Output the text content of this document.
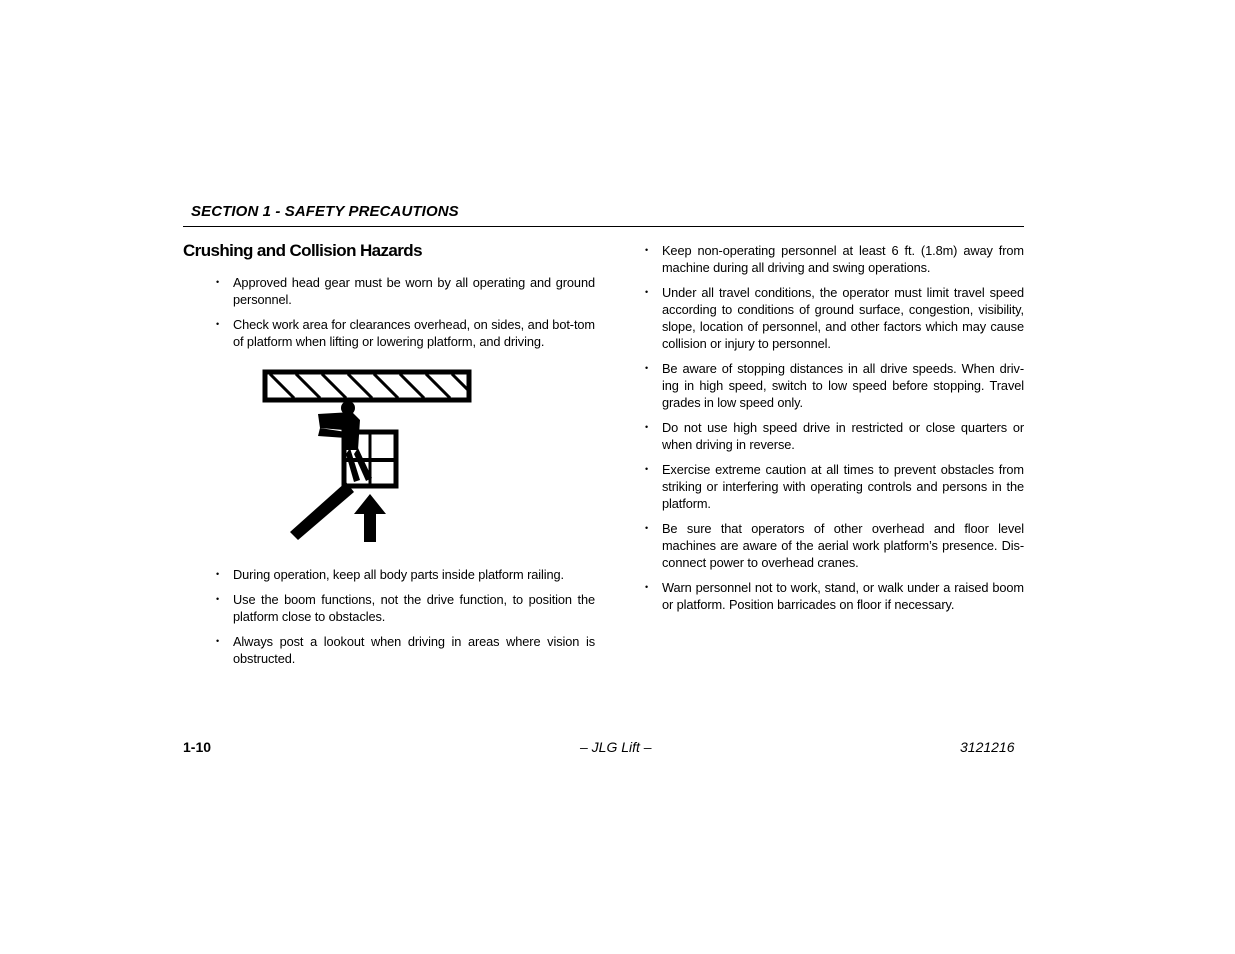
SECTION 1 - SAFETY PRECAUTIONS
Crushing and Collision Hazards
• Approved head gear must be worn by all operating and ground personnel.
• Check work area for clearances overhead, on sides, and bot-tom of platform when lifting or lowering platform, and driving.
• During operation, keep all body parts inside platform railing.
• Use the boom functions, not the drive function, to position the platform close to obstacles.
• Always post a lookout when driving in areas where vision is obstructed.
• Keep non-operating personnel at least 6 ft. (1.8m) away from machine during all driving and swing operations.
• Under all travel conditions, the operator must limit travel speed according to conditions of ground surface, congestion, visibility, slope, location of personnel, and other factors which may cause collision or injury to personnel.
• Be aware of stopping distances in all drive speeds. When driv-ing in high speed, switch to low speed before stopping. Travel grades in low speed only.
• Do not use high speed drive in restricted or close quarters or when driving in reverse.
• Exercise extreme caution at all times to prevent obstacles from striking or interfering with operating controls and persons in the platform.
• Be sure that operators of other overhead and floor level machines are aware of the aerial work platform’s presence. Dis-connect power to overhead cranes.
• Warn personnel not to work, stand, or walk under a raised boom or platform. Position barricades on floor if necessary.
1-10	– JLG Lift –	3121216
